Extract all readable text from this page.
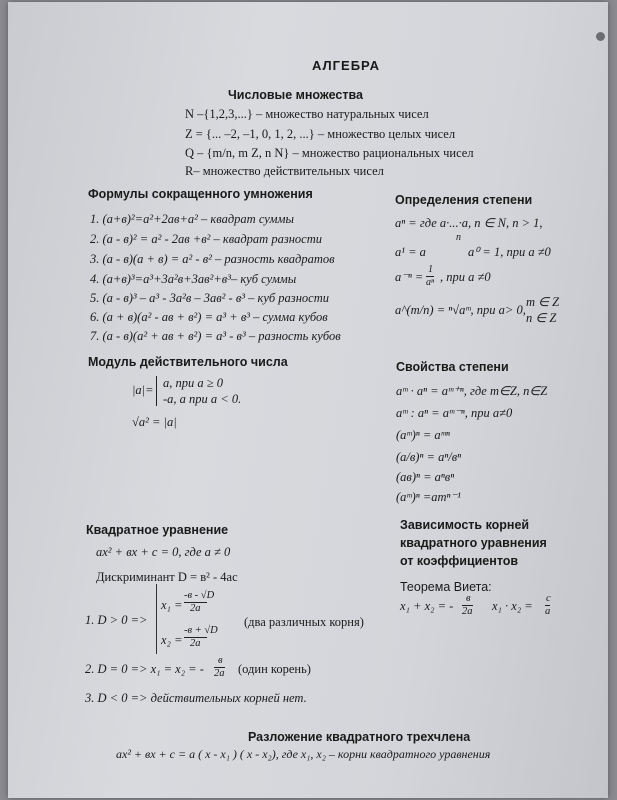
АЛГЕБРА
Числовые множества
N –{1,2,3,...} – множество натуральных чисел
Z = {... –2, –1, 0, 1, 2, ...} – множество целых чисел
Q – {m/n, m Z, n N} – множество рациональных чисел
R– множество действительных чисел
Формулы сокращенного умножения
1. (a+в)²=a²+2aв+a² – квадрат суммы
2. (a - в)² = a² - 2aв +в² – квадрат разности
3. (a - в)(a + в) = a² - в² – разность квадратов
4. (a+в)³=a³+3a²в+3aв²+в³– куб суммы
5. (a - в)³ – a³ - 3a²в – 3aв² - в³ – куб разности
6. (a + в)(a² - aв + в²) = a³ + в³ – сумма кубов
7. (a - в)(a² + aв + в²) = a³ - в³ – разность кубов
Определения степени
aⁿ = где a·...·a, n ∈ N, n > 1,
n
a¹ = a	a⁰ = 1, при a ≠0
a⁻ⁿ =
1
aⁿ , при a ≠0
a^(m/n) = ⁿ√aᵐ, при a> 0,
m ∈ Z
n ∈ Z
Модуль действительного числа
|a|= a, при a ≥ 0
-a, а при a < 0.
√a² = |a|
Свойства степени
aᵐ · aⁿ = aᵐ⁺ⁿ, где m∈Z, n∈Z
aᵐ : aⁿ = aᵐ⁻ⁿ, при a≠0
(aᵐ)ⁿ = aᵐⁿ
(a/в)ⁿ = aⁿ/вⁿ
(aв)ⁿ = aⁿвⁿ
(aᵐ)ⁿ =amⁿ⁻¹
Квадратное уравнение
ax² + вx + c = 0, где a ≠ 0
Дискриминант D = в² - 4ac
1. D > 0 =>
x₁ =
-в - √D
2a
x₂ =
-в + √D
2a
(два различных корня)
2. D = 0 => x₁ = x₂ = -
в
2a (один корень)
3. D < 0 => действительных корней нет.
Зависимость корней
квадратного уравнения
от коэффициентов
Теорема Виета:
x₁ + x₂ = -
в
2a x₁ · x₂ =
c
a
Разложение квадратного трехчлена
ax² + вx + c = a ( x - x₁ ) ( x - x₂), где x₁, x₂ – корни квадратного уравнения
